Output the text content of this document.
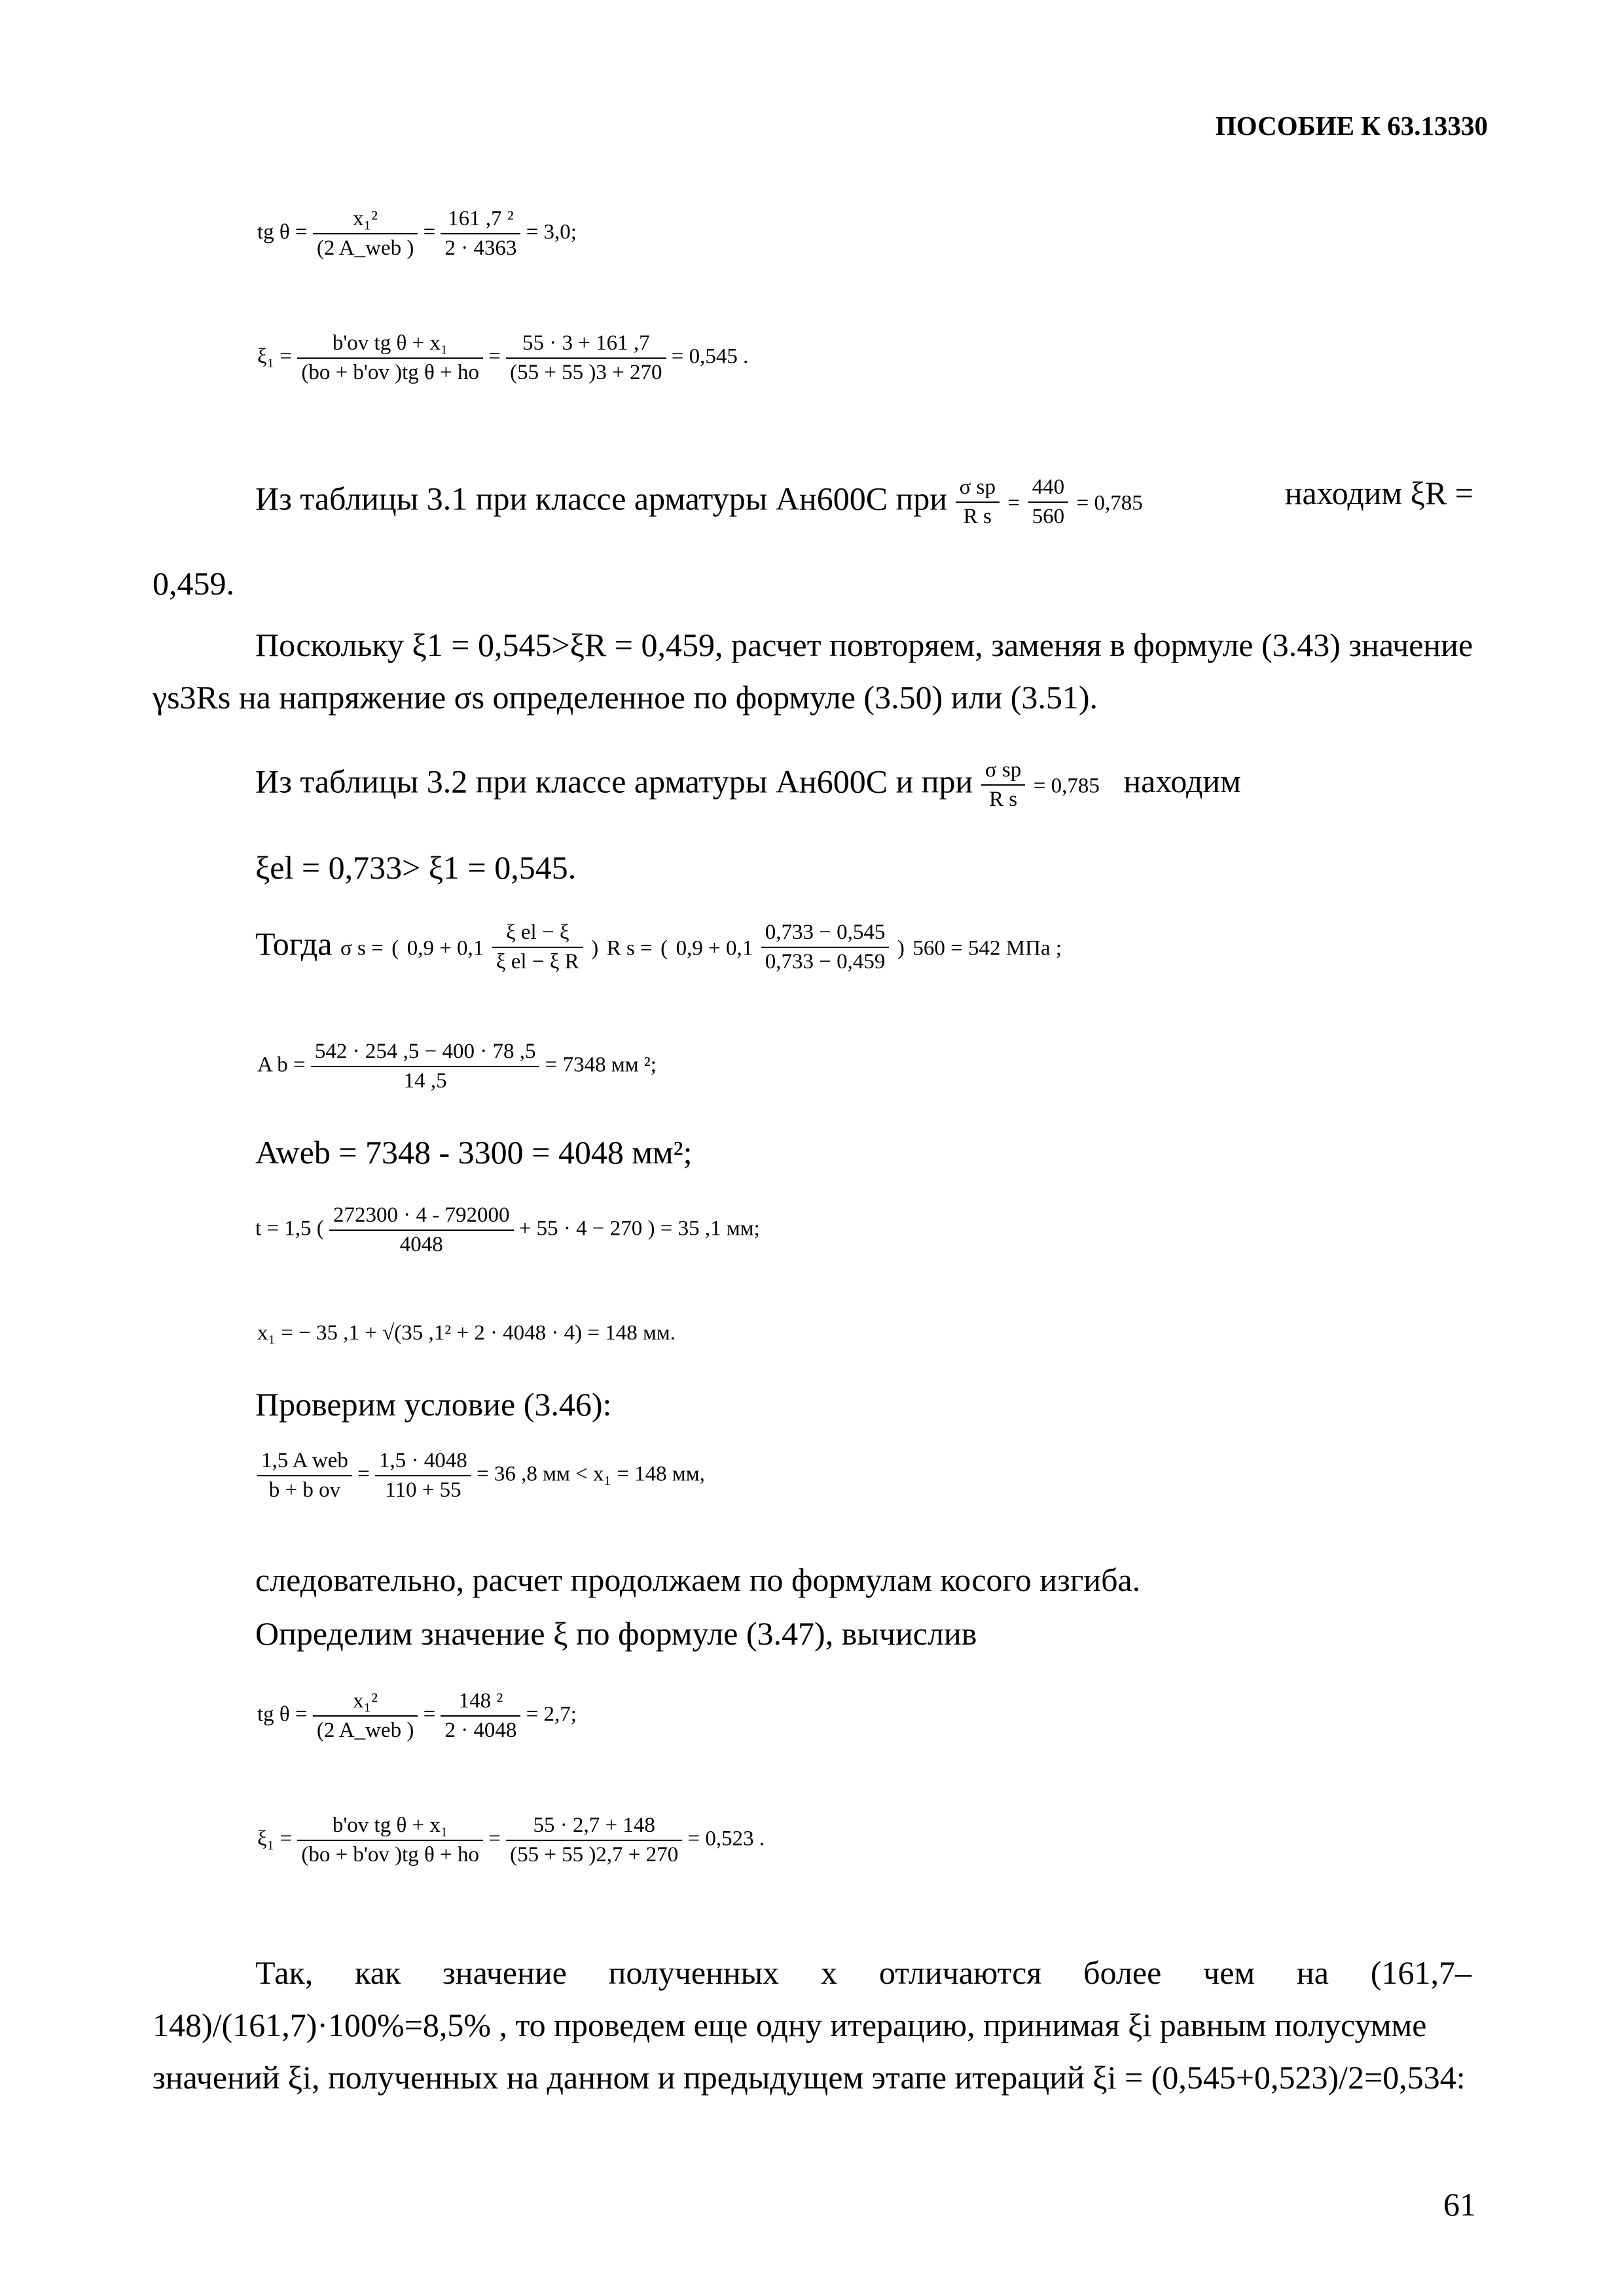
ПОСОБИЕ К 63.13330
tg $\theta = \frac{\text{x₁²}}{\text{(2 A\_web )}} = \frac{\text{161 ,7 ²}}{2 \cdot 4363} = 3,0$;
$\xi_1 = \frac{\text{b'ov tg θ + x₁}}{\text{(bo + b'ov )tg θ + ho}} = \frac{55 \cdot 3 + 161 ,7}{(55 + 55 )3 + 270} = 0,545$ .
Из таблицы 3.1 при классе арматуры Ан600С при $\frac{\text{σ sp}}{\text{R s}} = \frac{440}{560} = 0,785$	находим ξR =
0,459.
Поскольку ξ1 = 0,545>ξR = 0,459, расчет повторяем, заменяя в формуле (3.43) значение
γs3Rs на напряжение σs определенное по формуле (3.50) или (3.51).
Из таблицы 3.2 при классе арматуры Ан600С и при $\frac{\text{σ sp}}{\text{R s}} = 0,785$ находим
ξel = 0,733> ξ1 = 0,545.
Тогда σ s = ( $0,9 + 0,1 \frac{\text{ξ el − ξ}}{\text{ξ el − ξ R}}$ ) R s = ( $0,9 + 0,1 \frac{0,733 - 0,545}{0,733 - 0,459}$ ) 560 = 542 МПа ;
A $b = \frac{542 \cdot 254 ,5 - 400 \cdot 78 ,5}{14 ,5} = 7348$ мм ²;
Aweb = 7348 - 3300 = 4048 мм²;
t = 1,5 ( $\frac{272300 \cdot 4 - 792000}{4048} + 55 \cdot 4 - 270$ ) = 35 ,1 мм;
x₁ = − 35 ,1 + √(35 ,1² + 2 · 4048 · 4) = 148 мм.
Проверим условие (3.46):
$\frac{\text{1,5 A web}}{\text{b + b ov}} = \frac{1,5 \cdot 4048}{110 + 55} = 36$ ,8 мм < x₁ = 148 мм,
следовательно, расчет продолжаем по формулам косого изгиба.
Определим значение ξ по формуле (3.47), вычислив
tg $\theta = \frac{\text{x₁²}}{\text{(2 A\_web )}} = \frac{\text{148 ²}}{2 \cdot 4048} = 2,7$;
$\xi_1 = \frac{\text{b'ov tg θ + x₁}}{\text{(bo + b'ov )tg θ + ho}} = \frac{55 \cdot 2,7 + 148}{(55 + 55 )2,7 + 270} = 0,523$ .
Так, как значение полученных x отличаются более чем на (161,7–
148)/(161,7)·100%=8,5% , то проведем еще одну итерацию, принимая ξi равным полусумме
значений ξi, полученных на данном и предыдущем этапе итераций ξi = (0,545+0,523)/2=0,534:
61
